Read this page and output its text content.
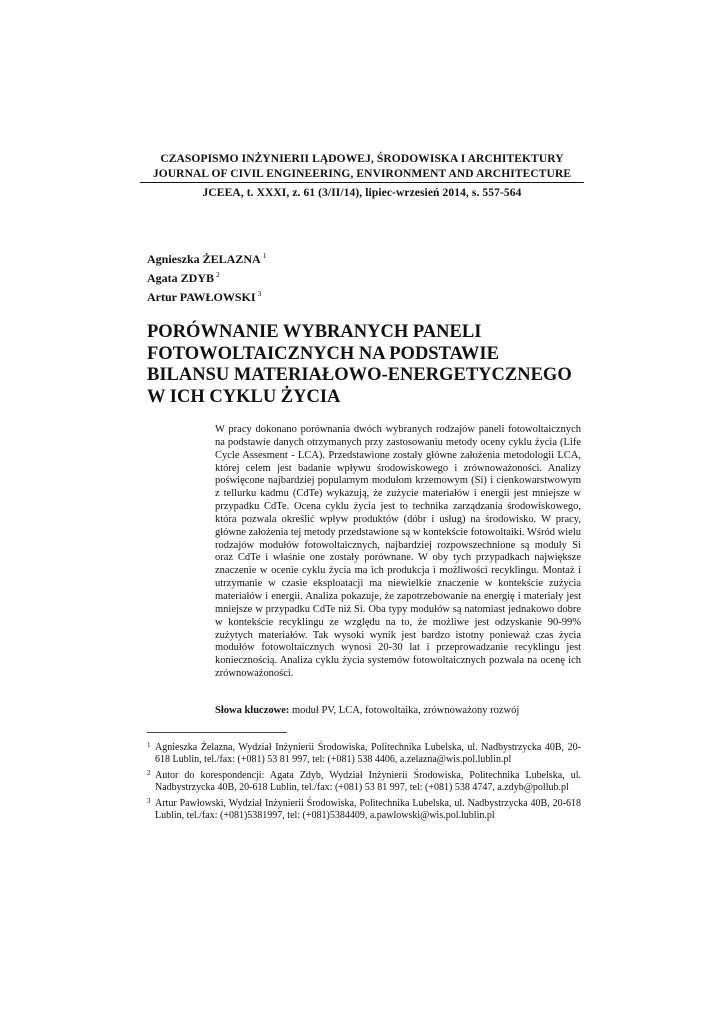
CZASOPISMO INŻYNIERII LĄDOWEJ, ŚRODOWISKA I ARCHITEKTURY
JOURNAL OF CIVIL ENGINEERING, ENVIRONMENT AND ARCHITECTURE
JCEEA, t. XXXI, z. 61 (3/II/14), lipiec-wrzesień 2014, s. 557-564
Agnieszka ŻELAZNA $^1$
Agata ZDYB $^2$
Artur PAWŁOWSKI $^3$
PORÓWNANIE WYBRANYCH PANELI
FOTOWOLTAICZNYCH NA PODSTAWIE
BILANSU MATERIAŁOWO-ENERGETYCZNEGO
W ICH CYKLU ŻYCIA
W pracy dokonano porównania dwóch wybranych rodzajów paneli fotowoltaicznych na podstawie danych otrzymanych przy zastosowaniu metody oceny cyklu życia (Life Cycle Assesment - LCA). Przedstawione zostały główne założenia metodologii LCA, której celem jest badanie wpływu środowiskowego i zrównoważoności. Analizy poświęcone najbardziej popularnym modułom krzemowym (Si) i cienkowarstwowym z tellurku kadmu (CdTe) wykazują, że zużycie materiałów i energii jest mniejsze w przypadku CdTe. Ocena cyklu życia jest to technika zarządzania środowiskowego, która pozwala określić wpływ produktów (dóbr i usług) na środowisko. W pracy, główne założenia tej metody przedstawione są w kontekście fotowoltaiki. Wśród wielu rodzajów modułów fotowoltaicznych, najbardziej rozpowszechnione są moduły Si oraz CdTe i właśnie one zostały porównane. W oby tych przypadkach największe znaczenie w ocenie cyklu życia ma ich produkcja i możliwości recyklingu. Montaż i utrzymanie w czasie eksploatacji ma niewielkie znaczenie w kontekście zużycia materiałów i energii. Analiza pokazuje, że zapotrzebowanie na energię i materiały jest mniejsze w przypadku CdTe niż Si. Oba typy modułów są natomiast jednakowo dobre w kontekście recyklingu ze względu na to, że możliwe jest odzyskanie 90-99% zużytych materiałów. Tak wysoki wynik jest bardzo istotny ponieważ czas życia modułów fotowoltaicznych wynosi 20-30 lat i przeprowadzanie recyklingu jest koniecznością. Analiza cyklu życia systemów fotowoltaicznych pozwala na ocenę ich zrównoważoności.
Słowa kluczowe: moduł PV, LCA, fotowoltaika, zrównoważony rozwój
1 Agnieszka Żelazna, Wydział Inżynierii Środowiska, Politechnika Lubelska, ul. Nadbystrzycka 40B, 20-618 Lublin, tel./fax: (+081) 53 81 997, tel: (+081) 538 4406, a.zelazna@wis.pol.lublin.pl
2 Autor do korespondencji: Agata Zdyb, Wydział Inżynierii Środowiska, Politechnika Lubelska, ul. Nadbystrzycka 40B, 20-618 Lublin, tel./fax: (+081) 53 81 997, tel: (+081) 538 4747, a.zdyb@pollub.pl
3 Artur Pawłowski, Wydział Inżynierii Środowiska, Politechnika Lubelska, ul. Nadbystrzycka 40B, 20-618 Lublin, tel./fax: (+081)5381997, tel: (+081)5384409, a.pawlowski@wis.pol.lublin.pl
